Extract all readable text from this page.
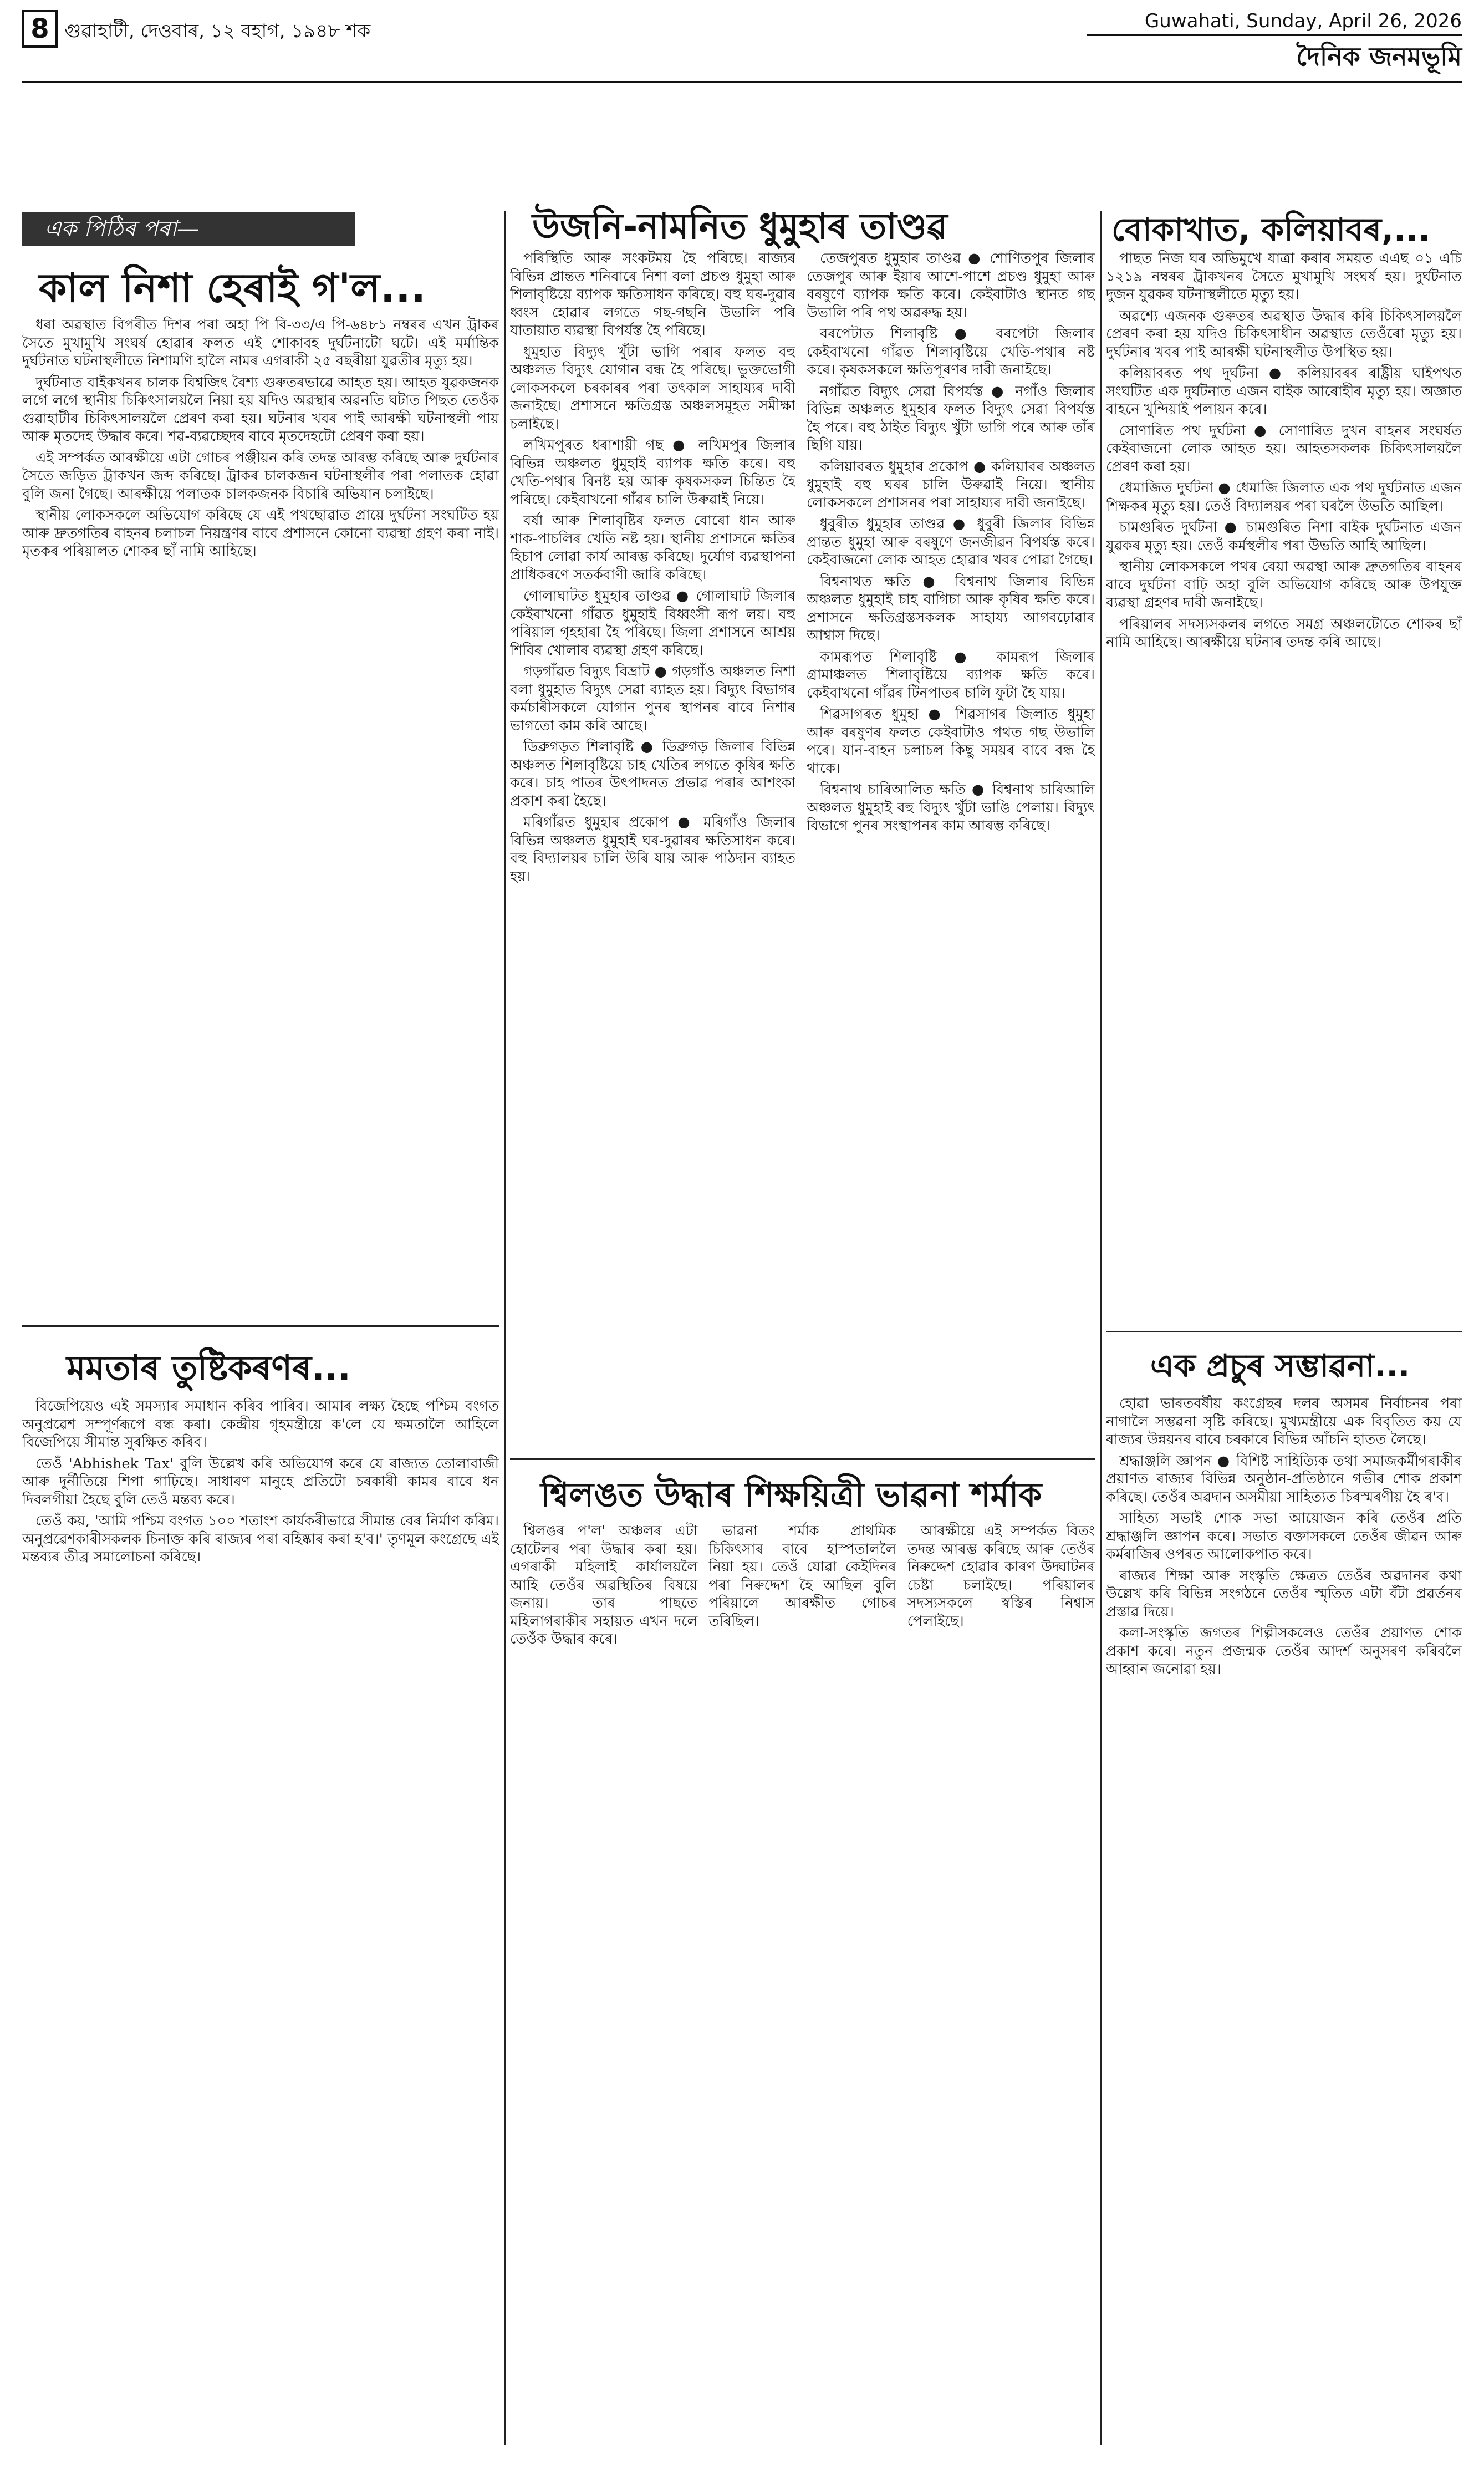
8 গুৱাহাটী, দেওবাৰ, ১২ বহাগ, ১৯৪৮ শক	Guwahati, Sunday, April 26, 2026
দৈনিক জনমভূমি
এক পিঠিৰ পৰা—
কাল নিশা হেৰাই গ'ল...

ধৰা অৱস্থাত বিপৰীত দিশৰ পৰা অহা পি বি-৩৩/এ পি-৬৪৮১ নম্বৰৰ এখন ট্ৰাকৰ সৈতে মুখামুখি সংঘৰ্ষ হোৱাৰ ফলত এই শোকাবহ দুৰ্ঘটনাটো ঘটে। এই মৰ্মান্তিক দুৰ্ঘটনাত ঘটনাস্থলীতে নিশামণি হালৈ নামৰ এগৰাকী ২৫ বছৰীয়া যুৱতীৰ মৃত্যু হয়।

দুৰ্ঘটনাত বাইকখনৰ চালক বিশ্বজিৎ বৈশ্য গুৰুতৰভাৱে আহত হয়। আহত যুৱকজনক লগে লগে স্থানীয় চিকিৎসালয়লৈ নিয়া হয় যদিও অৱস্থাৰ অৱনতি ঘটাত পিছত তেওঁক গুৱাহাটীৰ চিকিৎসালয়লৈ প্ৰেৰণ কৰা হয়। ঘটনাৰ খবৰ পাই আৰক্ষী ঘটনাস্থলী পায় আৰু মৃতদেহ উদ্ধাৰ কৰে। শৱ-ব্যৱচ্ছেদৰ বাবে মৃতদেহটো প্ৰেৰণ কৰা হয়।

এই সম্পৰ্কত আৰক্ষীয়ে এটা গোচৰ পঞ্জীয়ন কৰি তদন্ত আৰম্ভ কৰিছে আৰু দুৰ্ঘটনাৰ সৈতে জড়িত ট্ৰাকখন জব্দ কৰিছে। ট্ৰাকৰ চালকজন ঘটনাস্থলীৰ পৰা পলাতক হোৱা বুলি জনা গৈছে। আৰক্ষীয়ে পলাতক চালকজনক বিচাৰি অভিযান চলাইছে।

স্থানীয় লোকসকলে অভিযোগ কৰিছে যে এই পথছোৱাত প্ৰায়ে দুৰ্ঘটনা সংঘটিত হয় আৰু দ্ৰুতগতিৰ বাহনৰ চলাচল নিয়ন্ত্ৰণৰ বাবে প্ৰশাসনে কোনো ব্যৱস্থা গ্ৰহণ কৰা নাই। মৃতকৰ পৰিয়ালত শোকৰ ছাঁ নামি আহিছে।

মমতাৰ তুষ্টিকৰণৰ...

বিজেপিয়েও এই সমস্যাৰ সমাধান কৰিব পাৰিব। আমাৰ লক্ষ্য হৈছে পশ্চিম বংগত অনুপ্ৰৱেশ সম্পূৰ্ণৰূপে বন্ধ কৰা। কেন্দ্ৰীয় গৃহমন্ত্ৰীয়ে ক'লে যে ক্ষমতালৈ আহিলে বিজেপিয়ে সীমান্ত সুৰক্ষিত কৰিব।

তেওঁ 'Abhishek Tax' বুলি উল্লেখ কৰি অভিযোগ কৰে যে ৰাজ্যত তোলাবাজী আৰু দুৰ্নীতিয়ে শিপা গাঢ়িছে। সাধাৰণ মানুহে প্ৰতিটো চৰকাৰী কামৰ বাবে ধন দিবলগীয়া হৈছে বুলি তেওঁ মন্তব্য কৰে।

তেওঁ কয়, 'আমি পশ্চিম বংগত ১০০ শতাংশ কাৰ্যকৰীভাৱে সীমান্ত বেৰ নিৰ্মাণ কৰিম। অনুপ্ৰৱেশকাৰীসকলক চিনাক্ত কৰি ৰাজ্যৰ পৰা বহিষ্কাৰ কৰা হ'ব।' তৃণমূল কংগ্ৰেছে এই মন্তব্যৰ তীব্ৰ সমালোচনা কৰিছে।

উজনি-নামনিত ধুমুহাৰ তাণ্ডৱ

পৰিস্থিতি আৰু সংকটময় হৈ পৰিছে। ৰাজ্যৰ বিভিন্ন প্ৰান্তত শনিবাৰে নিশা বলা প্ৰচণ্ড ধুমুহা আৰু শিলাবৃষ্টিয়ে ব্যাপক ক্ষতিসাধন কৰিছে। বহু ঘৰ-দুৱাৰ ধ্বংস হোৱাৰ লগতে গছ-গছনি উভালি পৰি যাতায়াত ব্যৱস্থা বিপৰ্যস্ত হৈ পৰিছে।

ধুমুহাত বিদ্যুৎ খুঁটা ভাগি পৰাৰ ফলত বহু অঞ্চলত বিদ্যুৎ যোগান বন্ধ হৈ পৰিছে। ভুক্তভোগী লোকসকলে চৰকাৰৰ পৰা তৎকাল সাহায্যৰ দাবী জনাইছে। প্ৰশাসনে ক্ষতিগ্ৰস্ত অঞ্চলসমূহত সমীক্ষা চলাইছে।

লখিমপুৰত ধৰাশায়ী গছ ● লখিমপুৰ জিলাৰ বিভিন্ন অঞ্চলত ধুমুহাই ব্যাপক ক্ষতি কৰে। বহু খেতি-পথাৰ বিনষ্ট হয় আৰু কৃষকসকল চিন্তিত হৈ পৰিছে। কেইবাখনো গাঁৱৰ চালি উৰুৱাই নিয়ে।

বৰ্ষা আৰু শিলাবৃষ্টিৰ ফলত বোৰো ধান আৰু শাক-পাচলিৰ খেতি নষ্ট হয়। স্থানীয় প্ৰশাসনে ক্ষতিৰ হিচাপ লোৱা কাৰ্য আৰম্ভ কৰিছে। দুৰ্যোগ ব্যৱস্থাপনা প্ৰাধিকৰণে সতৰ্কবাণী জাৰি কৰিছে।

গোলাঘাটত ধুমুহাৰ তাণ্ডৱ ● গোলাঘাট জিলাৰ কেইবাখনো গাঁৱত ধুমুহাই বিধ্বংসী ৰূপ লয়। বহু পৰিয়াল গৃহহাৰা হৈ পৰিছে। জিলা প্ৰশাসনে আশ্ৰয় শিবিৰ খোলাৰ ব্যৱস্থা গ্ৰহণ কৰিছে।

গড়গাঁৱত বিদ্যুৎ বিভ্ৰাট ● গড়গাঁও অঞ্চলত নিশা বলা ধুমুহাত বিদ্যুৎ সেৱা ব্যাহত হয়। বিদ্যুৎ বিভাগৰ কৰ্মচাৰীসকলে যোগান পুনৰ স্থাপনৰ বাবে নিশাৰ ভাগতো কাম কৰি আছে।

ডিব্ৰুগড়ত শিলাবৃষ্টি ● ডিব্ৰুগড় জিলাৰ বিভিন্ন অঞ্চলত শিলাবৃষ্টিয়ে চাহ খেতিৰ লগতে কৃষিৰ ক্ষতি কৰে। চাহ পাতৰ উৎপাদনত প্ৰভাৱ পৰাৰ আশংকা প্ৰকাশ কৰা হৈছে।

মৰিগাঁৱত ধুমুহাৰ প্ৰকোপ ● মৰিগাঁও জিলাৰ বিভিন্ন অঞ্চলত ধুমুহাই ঘৰ-দুৱাৰৰ ক্ষতিসাধন কৰে। বহু বিদ্যালয়ৰ চালি উৰি যায় আৰু পাঠদান ব্যাহত হয়।

তেজপুৰত ধুমুহাৰ তাণ্ডৱ ● শোণিতপুৰ জিলাৰ তেজপুৰ আৰু ইয়াৰ আশে-পাশে প্ৰচণ্ড ধুমুহা আৰু বৰষুণে ব্যাপক ক্ষতি কৰে। কেইবাটাও স্থানত গছ উভালি পৰি পথ অৱৰুদ্ধ হয়।

বৰপেটাত শিলাবৃষ্টি ● বৰপেটা জিলাৰ কেইবাখনো গাঁৱত শিলাবৃষ্টিয়ে খেতি-পথাৰ নষ্ট কৰে। কৃষকসকলে ক্ষতিপূৰণৰ দাবী জনাইছে।

নগাঁৱত বিদ্যুৎ সেৱা বিপৰ্যস্ত ● নগাঁও জিলাৰ বিভিন্ন অঞ্চলত ধুমুহাৰ ফলত বিদ্যুৎ সেৱা বিপৰ্যস্ত হৈ পৰে। বহু ঠাইত বিদ্যুৎ খুঁটা ভাগি পৰে আৰু তাঁৰ ছিগি যায়।

কলিয়াবৰত ধুমুহাৰ প্ৰকোপ ● কলিয়াবৰ অঞ্চলত ধুমুহাই বহু ঘৰৰ চালি উৰুৱাই নিয়ে। স্থানীয় লোকসকলে প্ৰশাসনৰ পৰা সাহায্যৰ দাবী জনাইছে।

ধুবুৰীত ধুমুহাৰ তাণ্ডৱ ● ধুবুৰী জিলাৰ বিভিন্ন প্ৰান্তত ধুমুহা আৰু বৰষুণে জনজীৱন বিপৰ্যস্ত কৰে। কেইবাজনো লোক আহত হোৱাৰ খবৰ পোৱা গৈছে।

বিশ্বনাথত ক্ষতি ● বিশ্বনাথ জিলাৰ বিভিন্ন অঞ্চলত ধুমুহাই চাহ বাগিচা আৰু কৃষিৰ ক্ষতি কৰে। প্ৰশাসনে ক্ষতিগ্ৰস্তসকলক সাহায্য আগবঢ়োৱাৰ আশ্বাস দিছে।

কামৰূপত শিলাবৃষ্টি ● কামৰূপ জিলাৰ গ্ৰামাঞ্চলত শিলাবৃষ্টিয়ে ব্যাপক ক্ষতি কৰে। কেইবাখনো গাঁৱৰ টিনপাতৰ চালি ফুটা হৈ যায়।

শিৱসাগৰত ধুমুহা ● শিৱসাগৰ জিলাত ধুমুহা আৰু বৰষুণৰ ফলত কেইবাটাও পথত গছ উভালি পৰে। যান-বাহন চলাচল কিছু সময়ৰ বাবে বন্ধ হৈ থাকে।

বিশ্বনাথ চাৰিআলিত ক্ষতি ● বিশ্বনাথ চাৰিআলি অঞ্চলত ধুমুহাই বহু বিদ্যুৎ খুঁটা ভাঙি পেলায়। বিদ্যুৎ বিভাগে পুনৰ সংস্থাপনৰ কাম আৰম্ভ কৰিছে।

শ্বিলঙত উদ্ধাৰ শিক্ষয়িত্ৰী ভাৱনা শৰ্মাক

শ্বিলঙৰ প'ল' অঞ্চলৰ এটা হোটেলৰ পৰা উদ্ধাৰ কৰা হয়। এগৰাকী মহিলাই কাৰ্যালয়লৈ আহি তেওঁৰ অৱস্থিতিৰ বিষয়ে জনায়। তাৰ পাছতে মহিলাগৰাকীৰ সহায়ত এখন দলে তেওঁক উদ্ধাৰ কৰে।

ভাৱনা শৰ্মাক প্ৰাথমিক চিকিৎসাৰ বাবে হাস্পতাললৈ নিয়া হয়। তেওঁ যোৱা কেইদিনৰ পৰা নিৰুদ্দেশ হৈ আছিল বুলি পৰিয়ালে আৰক্ষীত গোচৰ তৰিছিল।

আৰক্ষীয়ে এই সম্পৰ্কত বিতং তদন্ত আৰম্ভ কৰিছে আৰু তেওঁৰ নিৰুদ্দেশ হোৱাৰ কাৰণ উদ্ঘাটনৰ চেষ্টা চলাইছে। পৰিয়ালৰ সদস্যসকলে স্বস্তিৰ নিশ্বাস পেলাইছে।

বোকাখাত, কলিয়াবৰ,...

পাছত নিজ ঘৰ অভিমুখে যাত্ৰা কৰাৰ সময়ত এএছ ০১ এচি ১২১৯ নম্বৰৰ ট্ৰাকখনৰ সৈতে মুখামুখি সংঘৰ্ষ হয়। দুৰ্ঘটনাত দুজন যুৱকৰ ঘটনাস্থলীতে মৃত্যু হয়।

অৱশ্যে এজনক গুৰুতৰ অৱস্থাত উদ্ধাৰ কৰি চিকিৎসালয়লৈ প্ৰেৰণ কৰা হয় যদিও চিকিৎসাধীন অৱস্থাত তেওঁৰো মৃত্যু হয়। দুৰ্ঘটনাৰ খবৰ পাই আৰক্ষী ঘটনাস্থলীত উপস্থিত হয়।

কলিয়াবৰত পথ দুৰ্ঘটনা ● কলিয়াবৰৰ ৰাষ্ট্ৰীয় ঘাইপথত সংঘটিত এক দুৰ্ঘটনাত এজন বাইক আৰোহীৰ মৃত্যু হয়। অজ্ঞাত বাহনে খুন্দিয়াই পলায়ন কৰে।

সোণাৰিত পথ দুৰ্ঘটনা ● সোণাৰিত দুখন বাহনৰ সংঘৰ্ষত কেইবাজনো লোক আহত হয়। আহতসকলক চিকিৎসালয়লৈ প্ৰেৰণ কৰা হয়।

ধেমাজিত দুৰ্ঘটনা ● ধেমাজি জিলাত এক পথ দুৰ্ঘটনাত এজন শিক্ষকৰ মৃত্যু হয়। তেওঁ বিদ্যালয়ৰ পৰা ঘৰলৈ উভতি আছিল।

চামগুৰিত দুৰ্ঘটনা ● চামগুৰিত নিশা বাইক দুৰ্ঘটনাত এজন যুৱকৰ মৃত্যু হয়। তেওঁ কৰ্মস্থলীৰ পৰা উভতি আহি আছিল।

স্থানীয় লোকসকলে পথৰ বেয়া অৱস্থা আৰু দ্ৰুতগতিৰ বাহনৰ বাবে দুৰ্ঘটনা বাঢ়ি অহা বুলি অভিযোগ কৰিছে আৰু উপযুক্ত ব্যৱস্থা গ্ৰহণৰ দাবী জনাইছে।

পৰিয়ালৰ সদস্যসকলৰ লগতে সমগ্ৰ অঞ্চলটোতে শোকৰ ছাঁ নামি আহিছে। আৰক্ষীয়ে ঘটনাৰ তদন্ত কৰি আছে।

এক প্ৰচুৰ সম্ভাৱনা...

হোৱা ভাৰতবৰ্ষীয় কংগ্ৰেছৰ দলৰ অসমৰ নিৰ্বাচনৰ পৰা নাগালৈ সম্ভৱনা সৃষ্টি কৰিছে। মুখ্যমন্ত্ৰীয়ে এক বিবৃতিত কয় যে ৰাজ্যৰ উন্নয়নৰ বাবে চৰকাৰে বিভিন্ন আঁচনি হাতত লৈছে।

শ্ৰদ্ধাঞ্জলি জ্ঞাপন ● বিশিষ্ট সাহিত্যিক তথা সমাজকৰ্মীগৰাকীৰ প্ৰয়াণত ৰাজ্যৰ বিভিন্ন অনুষ্ঠান-প্ৰতিষ্ঠানে গভীৰ শোক প্ৰকাশ কৰিছে। তেওঁৰ অৱদান অসমীয়া সাহিত্যত চিৰস্মৰণীয় হৈ ৰ'ব।

সাহিত্য সভাই শোক সভা আয়োজন কৰি তেওঁৰ প্ৰতি শ্ৰদ্ধাঞ্জলি জ্ঞাপন কৰে। সভাত বক্তাসকলে তেওঁৰ জীৱন আৰু কৰ্মৰাজিৰ ওপৰত আলোকপাত কৰে।

ৰাজ্যৰ শিক্ষা আৰু সংস্কৃতি ক্ষেত্ৰত তেওঁৰ অৱদানৰ কথা উল্লেখ কৰি বিভিন্ন সংগঠনে তেওঁৰ স্মৃতিত এটা বঁটা প্ৰৱৰ্তনৰ প্ৰস্তাৱ দিয়ে।

কলা-সংস্কৃতি জগতৰ শিল্পীসকলেও তেওঁৰ প্ৰয়াণত শোক প্ৰকাশ কৰে। নতুন প্ৰজন্মক তেওঁৰ আদৰ্শ অনুসৰণ কৰিবলৈ আহ্বান জনোৱা হয়।
